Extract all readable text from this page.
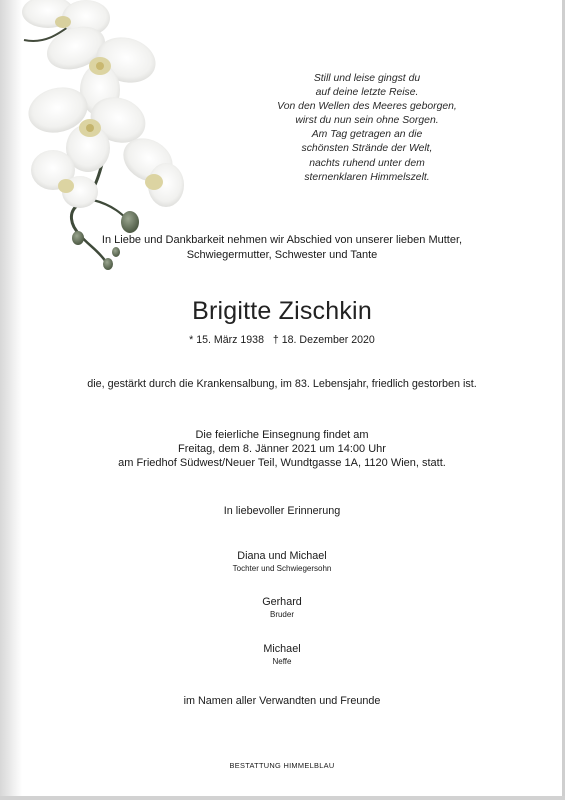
Still und leise gingst du
auf deine letzte Reise.
Von den Wellen des Meeres geborgen,
wirst du nun sein ohne Sorgen.
Am Tag getragen an die
schönsten Strände der Welt,
nachts ruhend unter dem
sternenklaren Himmelszelt.
In Liebe und Dankbarkeit nehmen wir Abschied von unserer lieben Mutter,
Schwiegermutter, Schwester und Tante
Brigitte Zischkin
* 15. März 1938 † 18. Dezember 2020
die, gestärkt durch die Krankensalbung, im 83. Lebensjahr, friedlich gestorben ist.
Die feierliche Einsegnung findet am
Freitag, dem 8. Jänner 2021 um 14:00 Uhr
am Friedhof Südwest/Neuer Teil, Wundtgasse 1A, 1120 Wien, statt.
In liebevoller Erinnerung
Diana und Michael
Tochter und Schwiegersohn
Gerhard
Bruder
Michael
Neffe
im Namen aller Verwandten und Freunde
BESTATTUNG HIMMELBLAU
